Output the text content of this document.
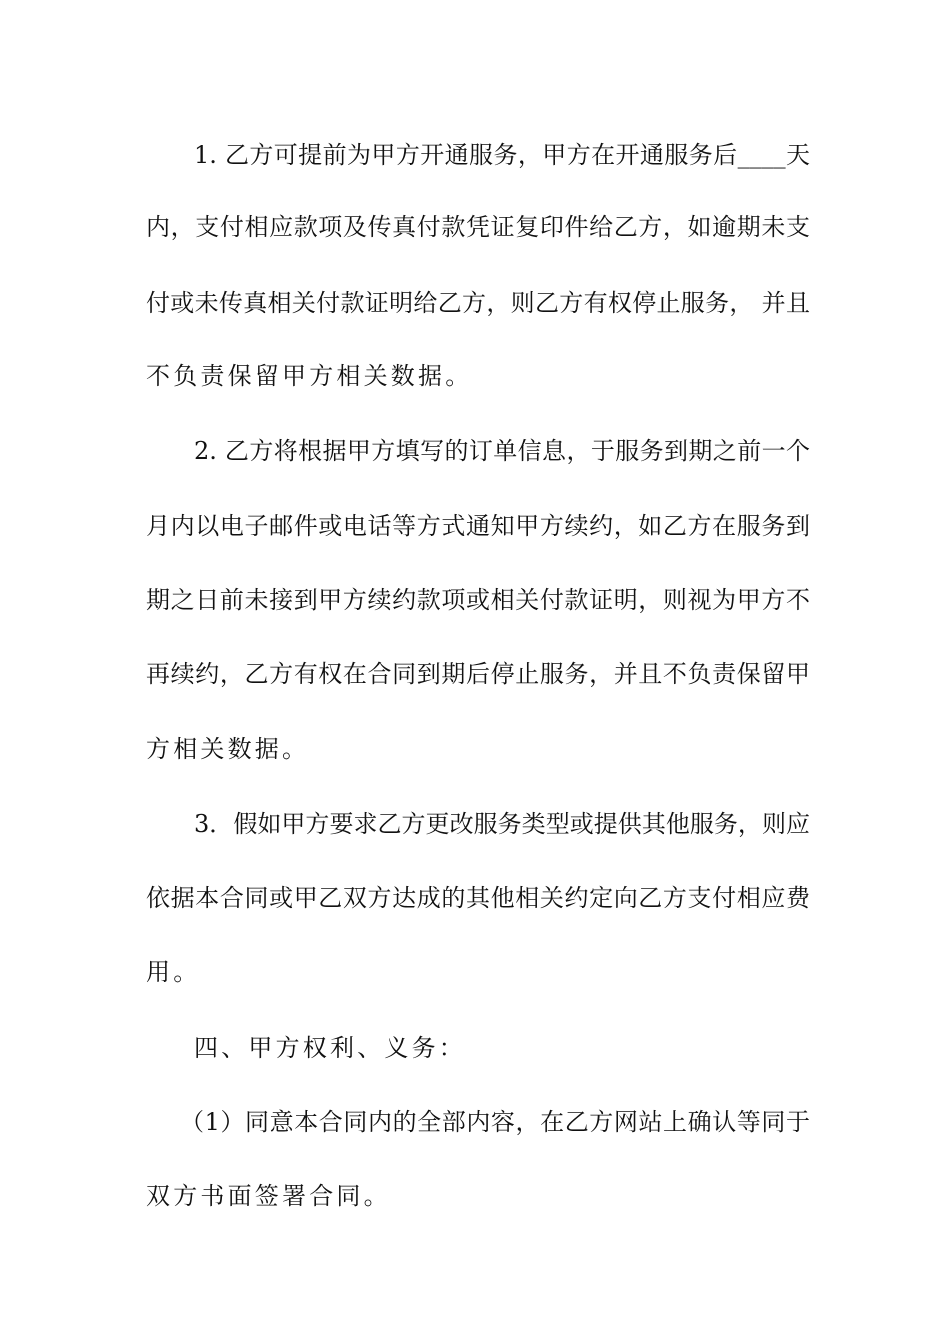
1. 乙方可提前为甲方开通服务，甲方在开通服务后____天
内，支付相应款项及传真付款凭证复印件给乙方，如逾期未支
付或未传真相关付款证明给乙方，则乙方有权停止服务， 并且
不负责保留甲方相关数据。
2. 乙方将根据甲方填写的订单信息，于服务到期之前一个
月内以电子邮件或电话等方式通知甲方续约，如乙方在服务到
期之日前未接到甲方续约款项或相关付款证明，则视为甲方不
再续约，乙方有权在合同到期后停止服务，并且不负责保留甲
方相关数据。
3．假如甲方要求乙方更改服务类型或提供其他服务，则应
依据本合同或甲乙双方达成的其他相关约定向乙方支付相应费
用。
四、甲方权利、义务：
（1）同意本合同内的全部内容，在乙方网站上确认等同于
双方书面签署合同。
